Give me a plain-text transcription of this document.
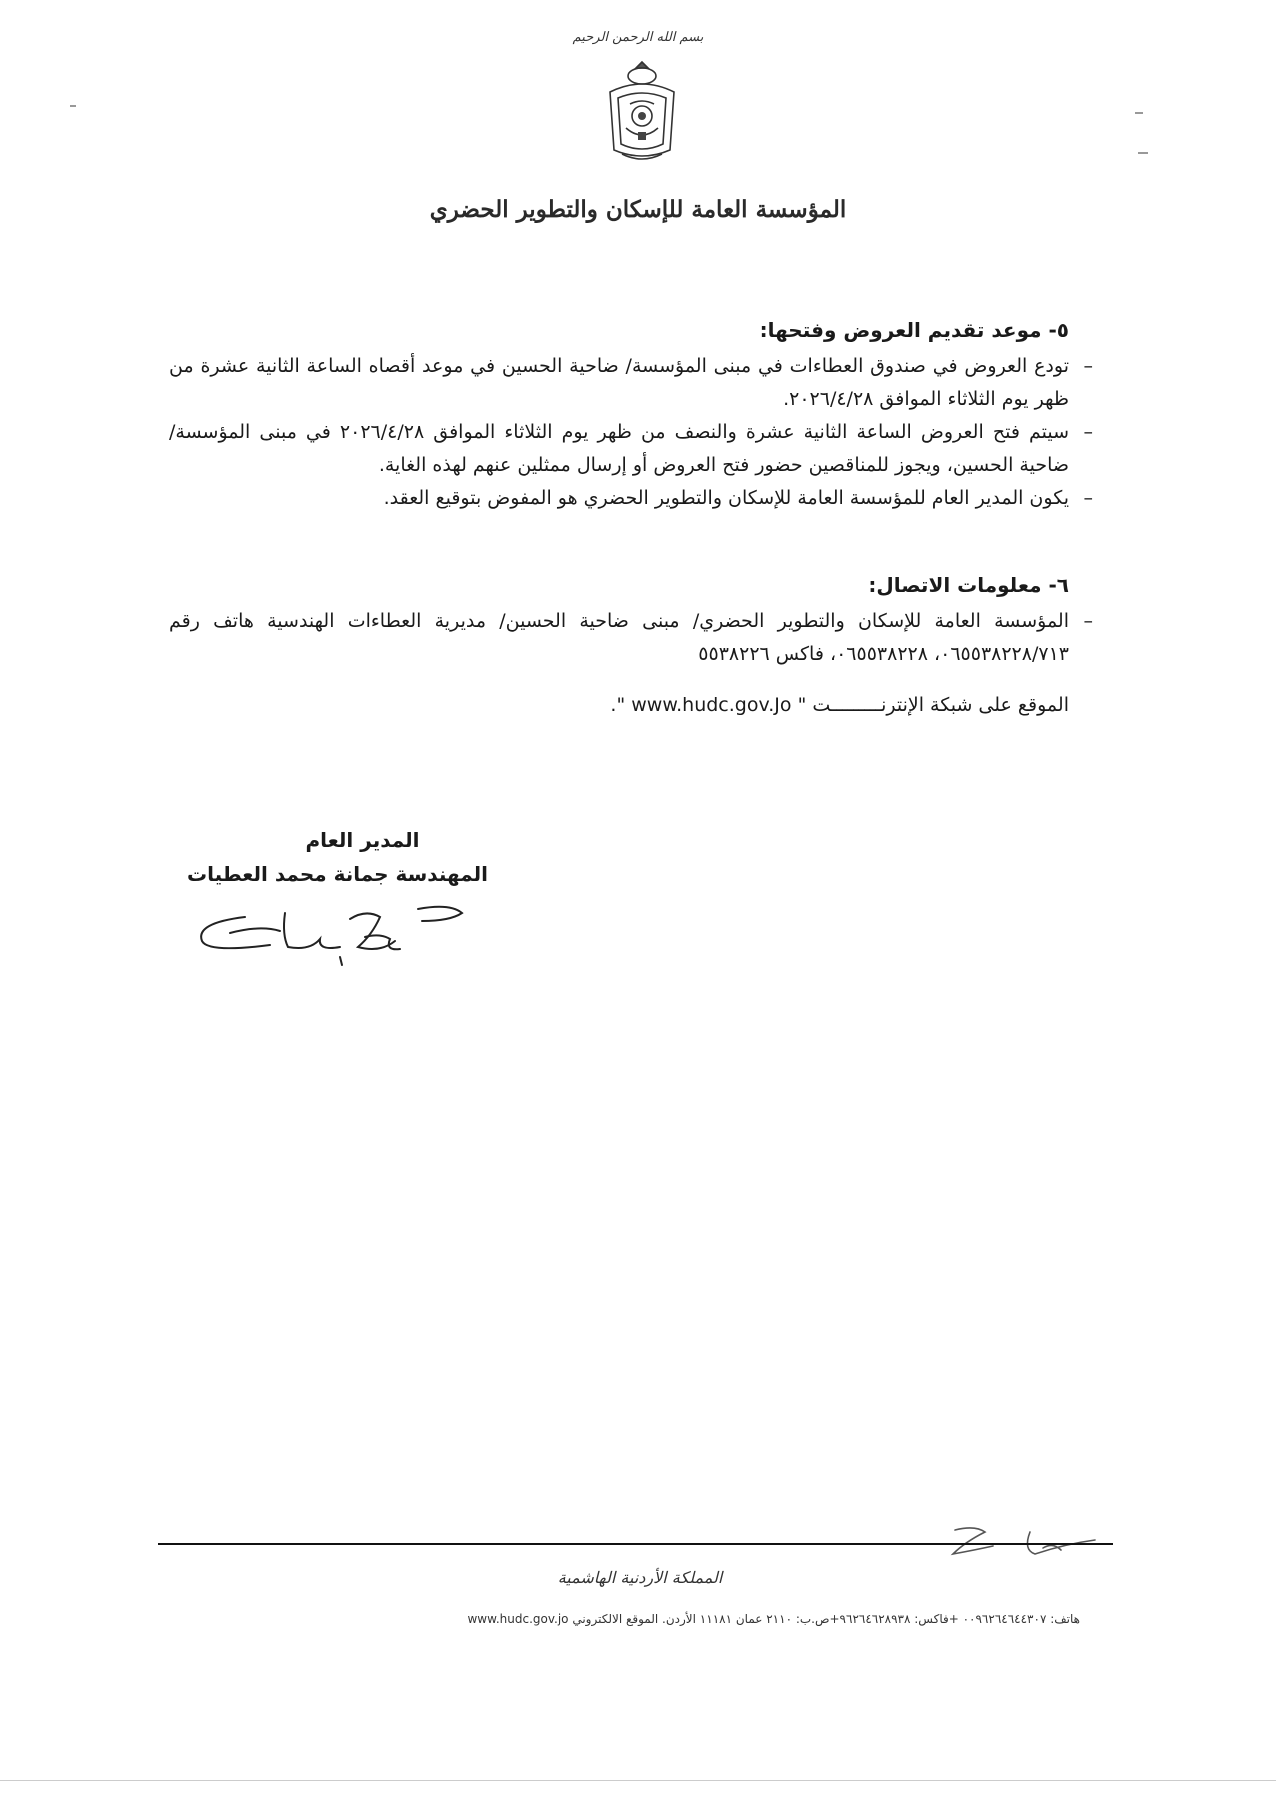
بسم الله الرحمن الرحيم
المؤسسة العامة للإسكان والتطوير الحضري
٥- موعد تقديم العروض وفتحها:
–
تودع العروض في صندوق العطاءات في مبنى المؤسسة/ ضاحية الحسين في موعد أقصاه الساعة الثانية عشرة من ظهر يوم الثلاثاء الموافق ٢٠٢٦/٤/٢٨.
–
سيتم فتح العروض الساعة الثانية عشرة والنصف من ظهر يوم الثلاثاء الموافق ٢٠٢٦/٤/٢٨ في مبنى المؤسسة/ ضاحية الحسين، ويجوز للمناقصين حضور فتح العروض أو إرسال ممثلين عنهم لهذه الغاية.
–
يكون المدير العام للمؤسسة العامة للإسكان والتطوير الحضري هو المفوض بتوقيع العقد.
٦- معلومات الاتصال:
–
المؤسسة العامة للإسكان والتطوير الحضري/ مبنى ضاحية الحسين/ مديرية العطاءات الهندسية هاتف رقم ٠٦٥٥٣٨٢٢٨/٧١٣، ٠٦٥٥٣٨٢٢٨، فاكس ٥٥٣٨٢٢٦
الموقع على شبكة الإنترنـــــــــت " www.hudc.gov.Jo ".
المدير العام
المهندسة جمانة محمد العطيات
المملكة الأردنية الهاشمية
هاتف: ٠٠٩٦٢٦٤٦٤٤٣٠٧ +فاكس: ٩٦٢٦٤٦٢٨٩٣٨+ص.ب: ٢١١٠ عمان ١١١٨١ الأردن. الموقع الالكتروني www.hudc.gov.jo
